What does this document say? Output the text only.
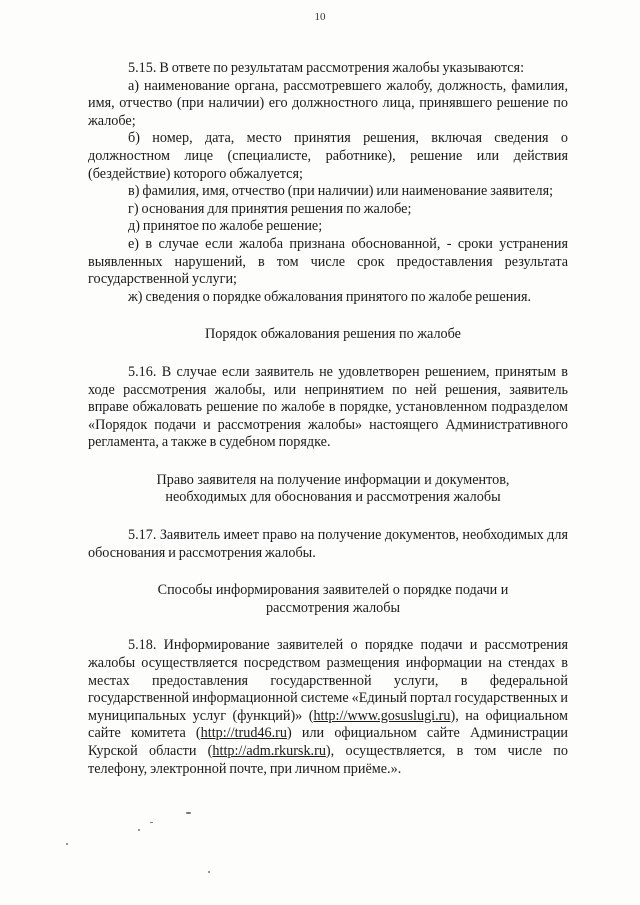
10

5.15. В ответе по результатам рассмотрения жалобы указываются:

а) наименование органа, рассмотревшего жалобу, должность, фамилия, имя, отчество (при наличии) его должностного лица, принявшего решение по жалобе;

б) номер, дата, место принятия решения, включая сведения о должностном лице (специалисте, работнике), решение или действия (бездействие) которого обжалуется;

в) фамилия, имя, отчество (при наличии) или наименование заявителя;

г) основания для принятия решения по жалобе;

д) принятое по жалобе решение;

е) в случае если жалоба признана обоснованной, - сроки устранения выявленных нарушений, в том числе срок предоставления результата государственной услуги;

ж) сведения о порядке обжалования принятого по жалобе решения.

Порядок обжалования решения по жалобе

5.16. В случае если заявитель не удовлетворен решением, принятым в ходе рассмотрения жалобы, или непринятием по ней решения, заявитель вправе обжаловать решение по жалобе в порядке, установленном подразделом «Порядок подачи и рассмотрения жалобы» настоящего Административного регламента, а также в судебном порядке.

Право заявителя на получение информации и документов,
необходимых для обоснования и рассмотрения жалобы

5.17. Заявитель имеет право на получение документов, необходимых для обоснования и рассмотрения жалобы.

Способы информирования заявителей о порядке подачи и
рассмотрения жалобы

5.18. Информирование заявителей о порядке подачи и рассмотрения жалобы осуществляется посредством размещения информации на стендах в местах предоставления государственной услуги, в федеральной государственной информационной системе «Единый портал государственных и муниципальных услуг (функций)» (http://www.gosuslugi.ru), на официальном сайте комитета (http://trud46.ru) или официальном сайте Администрации Курской области (http://adm.rkursk.ru), осуществляется, в том числе по телефону, электронной почте, при личном приёме.».
